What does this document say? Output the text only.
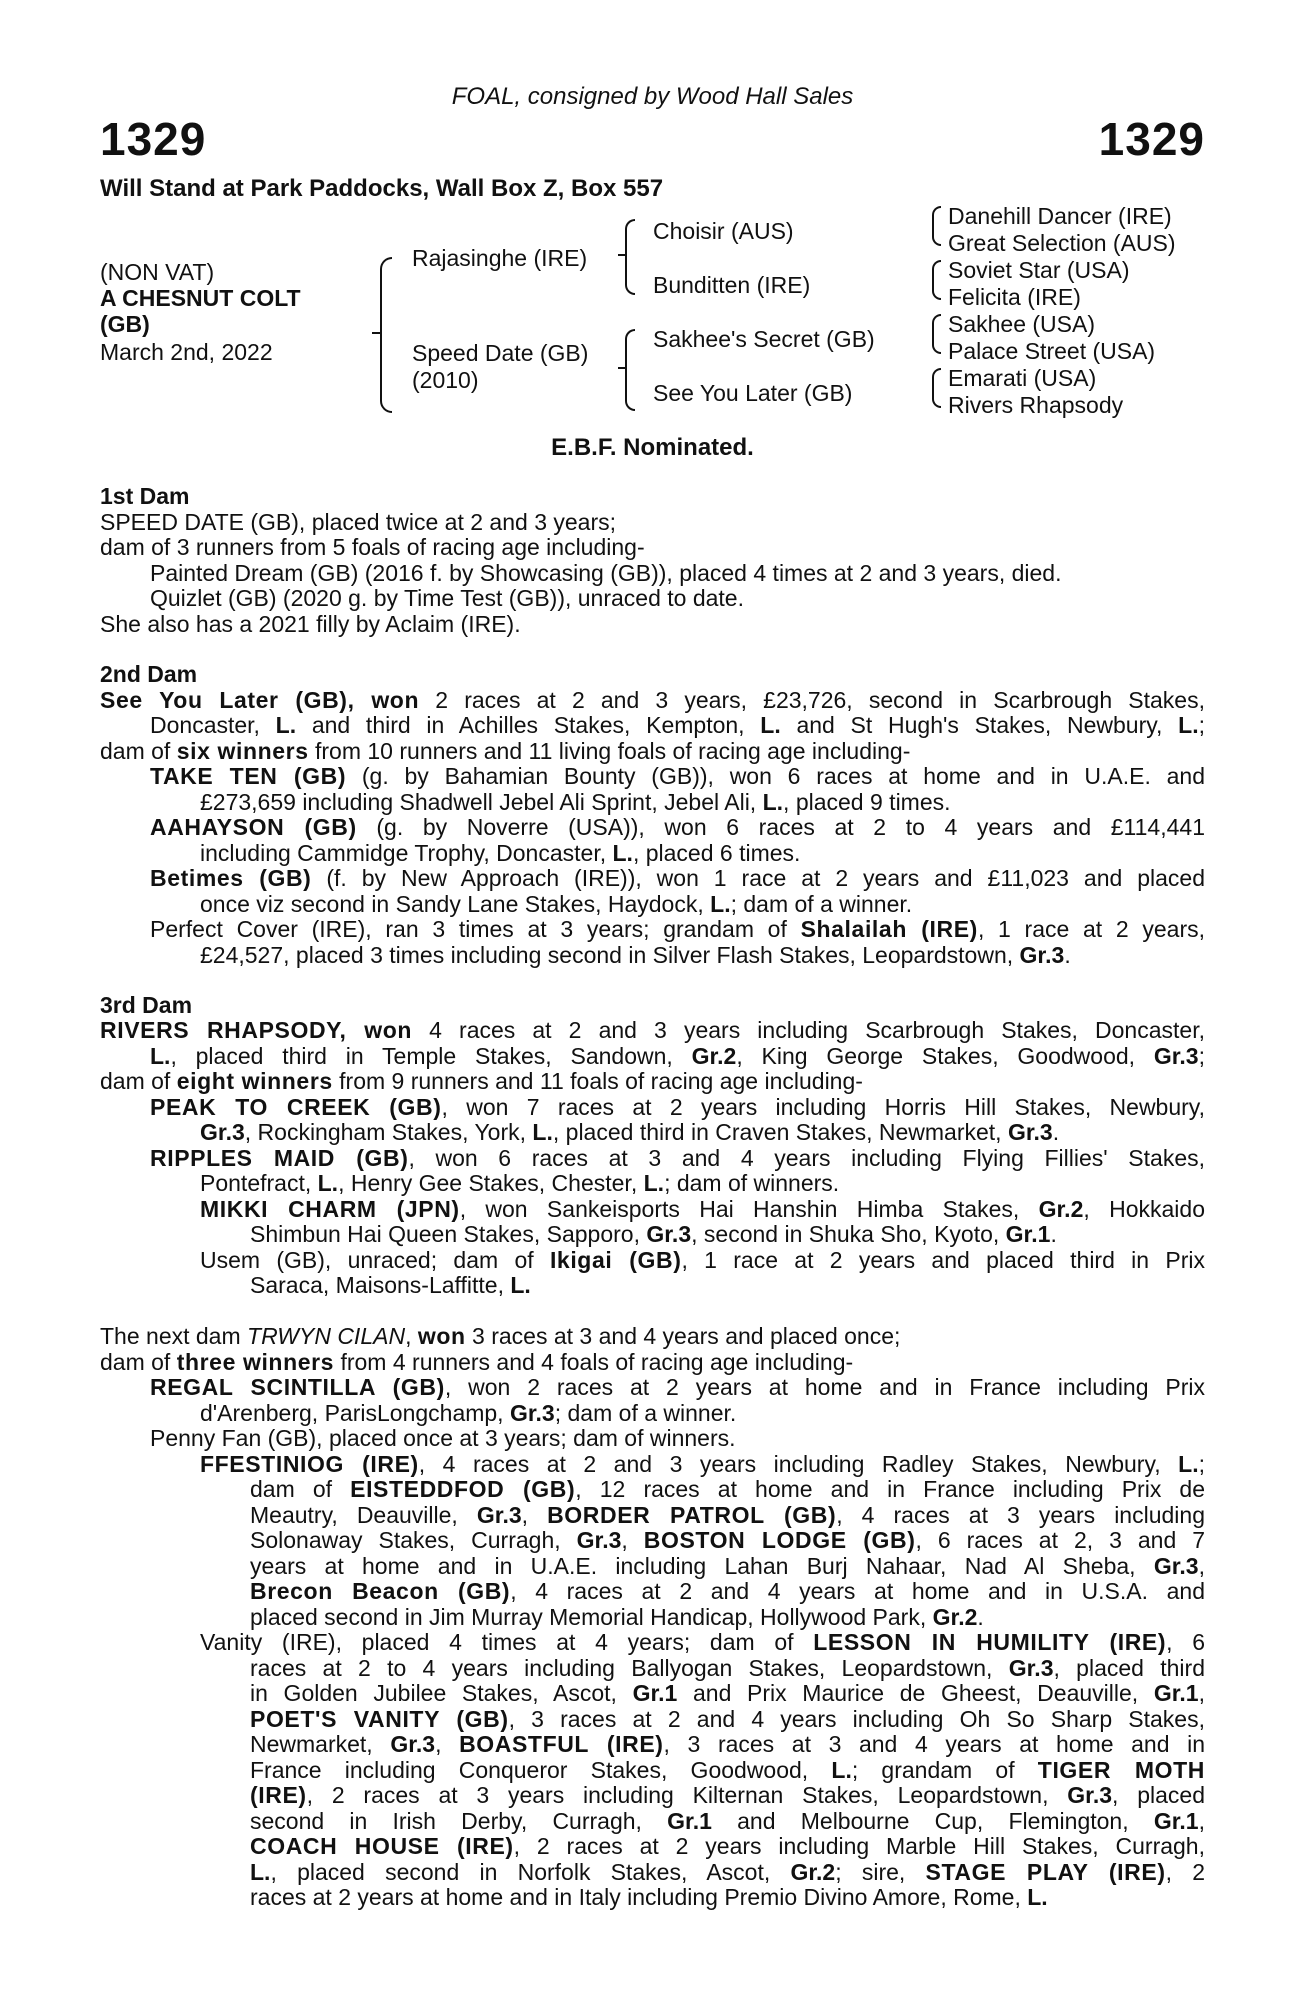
FOAL, consigned by Wood Hall Sales
1329	1329
Will Stand at Park Paddocks, Wall Box Z, Box 557
(NON VAT)
A CHESNUT COLT
(GB)
March 2nd, 2022
Rajasinghe (IRE)
Speed Date (GB)
(2010)
Choisir (AUS)
Bunditten (IRE)
Sakhee's Secret (GB)
See You Later (GB)
Danehill Dancer (IRE)
Great Selection (AUS)
Soviet Star (USA)
Felicita (IRE)
Sakhee (USA)
Palace Street (USA)
Emarati (USA)
Rivers Rhapsody
E.B.F. Nominated.
1st Dam
SPEED DATE (GB), placed twice at 2 and 3 years;
dam of 3 runners from 5 foals of racing age including-
Painted Dream (GB) (2016 f. by Showcasing (GB)), placed 4 times at 2 and 3 years, died.
Quizlet (GB) (2020 g. by Time Test (GB)), unraced to date.
She also has a 2021 filly by Aclaim (IRE).
2nd Dam
See You Later (GB), won 2 races at 2 and 3 years, £23,726, second in Scarbrough Stakes,
Doncaster, L. and third in Achilles Stakes, Kempton, L. and St Hugh's Stakes, Newbury, L.;
dam of six winners from 10 runners and 11 living foals of racing age including-
TAKE TEN (GB) (g. by Bahamian Bounty (GB)), won 6 races at home and in U.A.E. and
£273,659 including Shadwell Jebel Ali Sprint, Jebel Ali, L., placed 9 times.
AAHAYSON (GB) (g. by Noverre (USA)), won 6 races at 2 to 4 years and £114,441
including Cammidge Trophy, Doncaster, L., placed 6 times.
Betimes (GB) (f. by New Approach (IRE)), won 1 race at 2 years and £11,023 and placed
once viz second in Sandy Lane Stakes, Haydock, L.; dam of a winner.
Perfect Cover (IRE), ran 3 times at 3 years; grandam of Shalailah (IRE), 1 race at 2 years,
£24,527, placed 3 times including second in Silver Flash Stakes, Leopardstown, Gr.3.
3rd Dam
RIVERS RHAPSODY, won 4 races at 2 and 3 years including Scarbrough Stakes, Doncaster,
L., placed third in Temple Stakes, Sandown, Gr.2, King George Stakes, Goodwood, Gr.3;
dam of eight winners from 9 runners and 11 foals of racing age including-
PEAK TO CREEK (GB), won 7 races at 2 years including Horris Hill Stakes, Newbury,
Gr.3, Rockingham Stakes, York, L., placed third in Craven Stakes, Newmarket, Gr.3.
RIPPLES MAID (GB), won 6 races at 3 and 4 years including Flying Fillies' Stakes,
Pontefract, L., Henry Gee Stakes, Chester, L.; dam of winners.
MIKKI CHARM (JPN), won Sankeisports Hai Hanshin Himba Stakes, Gr.2, Hokkaido
Shimbun Hai Queen Stakes, Sapporo, Gr.3, second in Shuka Sho, Kyoto, Gr.1.
Usem (GB), unraced; dam of Ikigai (GB), 1 race at 2 years and placed third in Prix
Saraca, Maisons-Laffitte, L.
The next dam TRWYN CILAN, won 3 races at 3 and 4 years and placed once;
dam of three winners from 4 runners and 4 foals of racing age including-
REGAL SCINTILLA (GB), won 2 races at 2 years at home and in France including Prix
d'Arenberg, ParisLongchamp, Gr.3; dam of a winner.
Penny Fan (GB), placed once at 3 years; dam of winners.
FFESTINIOG (IRE), 4 races at 2 and 3 years including Radley Stakes, Newbury, L.;
dam of EISTEDDFOD (GB), 12 races at home and in France including Prix de
Meautry, Deauville, Gr.3, BORDER PATROL (GB), 4 races at 3 years including
Solonaway Stakes, Curragh, Gr.3, BOSTON LODGE (GB), 6 races at 2, 3 and 7
years at home and in U.A.E. including Lahan Burj Nahaar, Nad Al Sheba, Gr.3,
Brecon Beacon (GB), 4 races at 2 and 4 years at home and in U.S.A. and
placed second in Jim Murray Memorial Handicap, Hollywood Park, Gr.2.
Vanity (IRE), placed 4 times at 4 years; dam of LESSON IN HUMILITY (IRE), 6
races at 2 to 4 years including Ballyogan Stakes, Leopardstown, Gr.3, placed third
in Golden Jubilee Stakes, Ascot, Gr.1 and Prix Maurice de Gheest, Deauville, Gr.1,
POET'S VANITY (GB), 3 races at 2 and 4 years including Oh So Sharp Stakes,
Newmarket, Gr.3, BOASTFUL (IRE), 3 races at 3 and 4 years at home and in
France including Conqueror Stakes, Goodwood, L.; grandam of TIGER MOTH
(IRE), 2 races at 3 years including Kilternan Stakes, Leopardstown, Gr.3, placed
second in Irish Derby, Curragh, Gr.1 and Melbourne Cup, Flemington, Gr.1,
COACH HOUSE (IRE), 2 races at 2 years including Marble Hill Stakes, Curragh,
L., placed second in Norfolk Stakes, Ascot, Gr.2; sire, STAGE PLAY (IRE), 2
races at 2 years at home and in Italy including Premio Divino Amore, Rome, L.
